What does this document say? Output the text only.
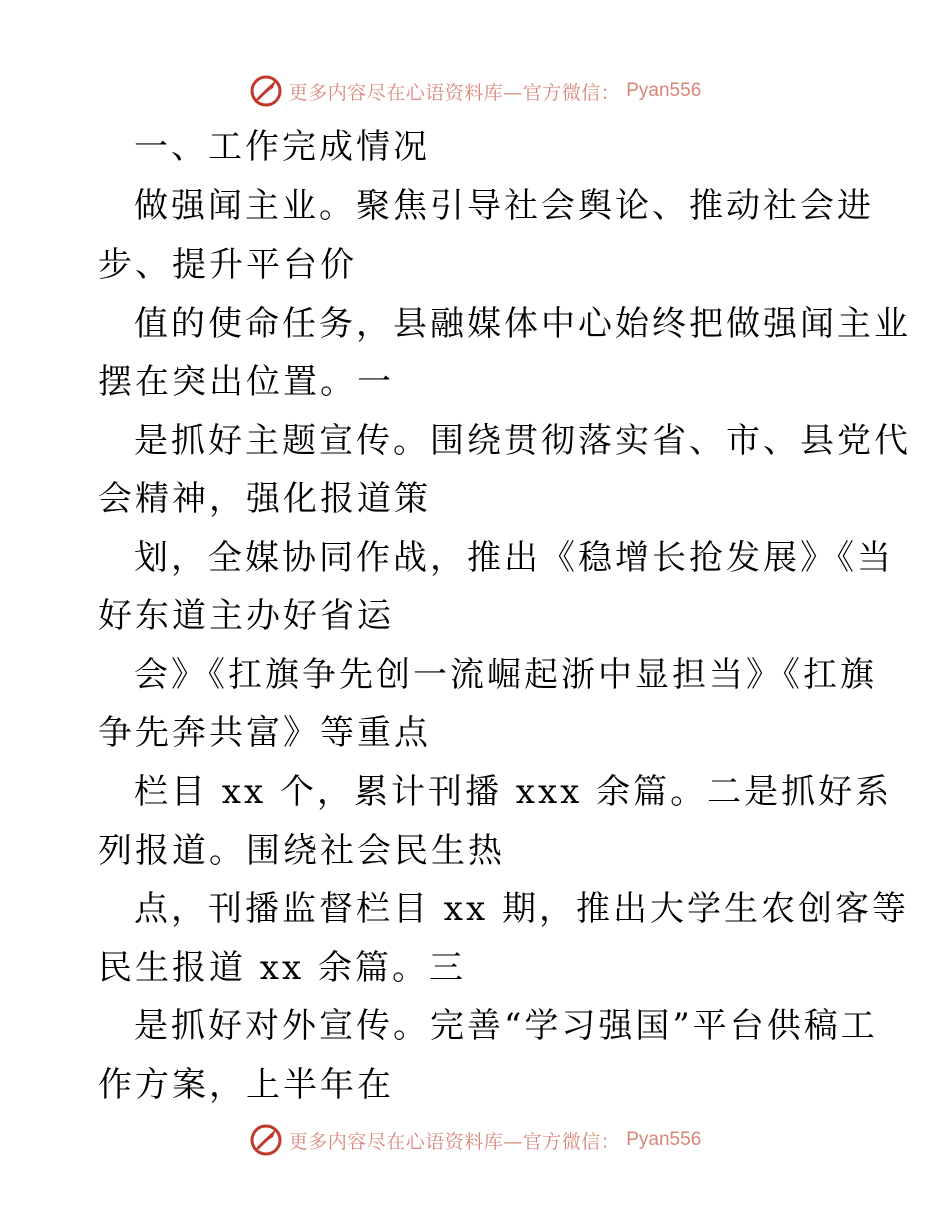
更多内容尽在心语资料库—官方微信： Pyan556
一、工作完成情况
做强闻主业。聚焦引导社会舆论、推动社会进
步、提升平台价
值的使命任务，县融媒体中心始终把做强闻主业
摆在突出位置。一
是抓好主题宣传。围绕贯彻落实省、市、县党代
会精神，强化报道策
划，全媒协同作战，推出《稳增长抢发展》《当
好东道主办好省运
会》《扛旗争先创一流崛起浙中显担当》《扛旗
争先奔共富》等重点
栏目 xx 个，累计刊播 xxx 余篇。二是抓好系
列报道。围绕社会民生热
点，刊播监督栏目 xx 期，推出大学生农创客等
民生报道 xx 余篇。三
是抓好对外宣传。完善“学习强国”平台供稿工
作方案，上半年在
更多内容尽在心语资料库—官方微信： Pyan556
